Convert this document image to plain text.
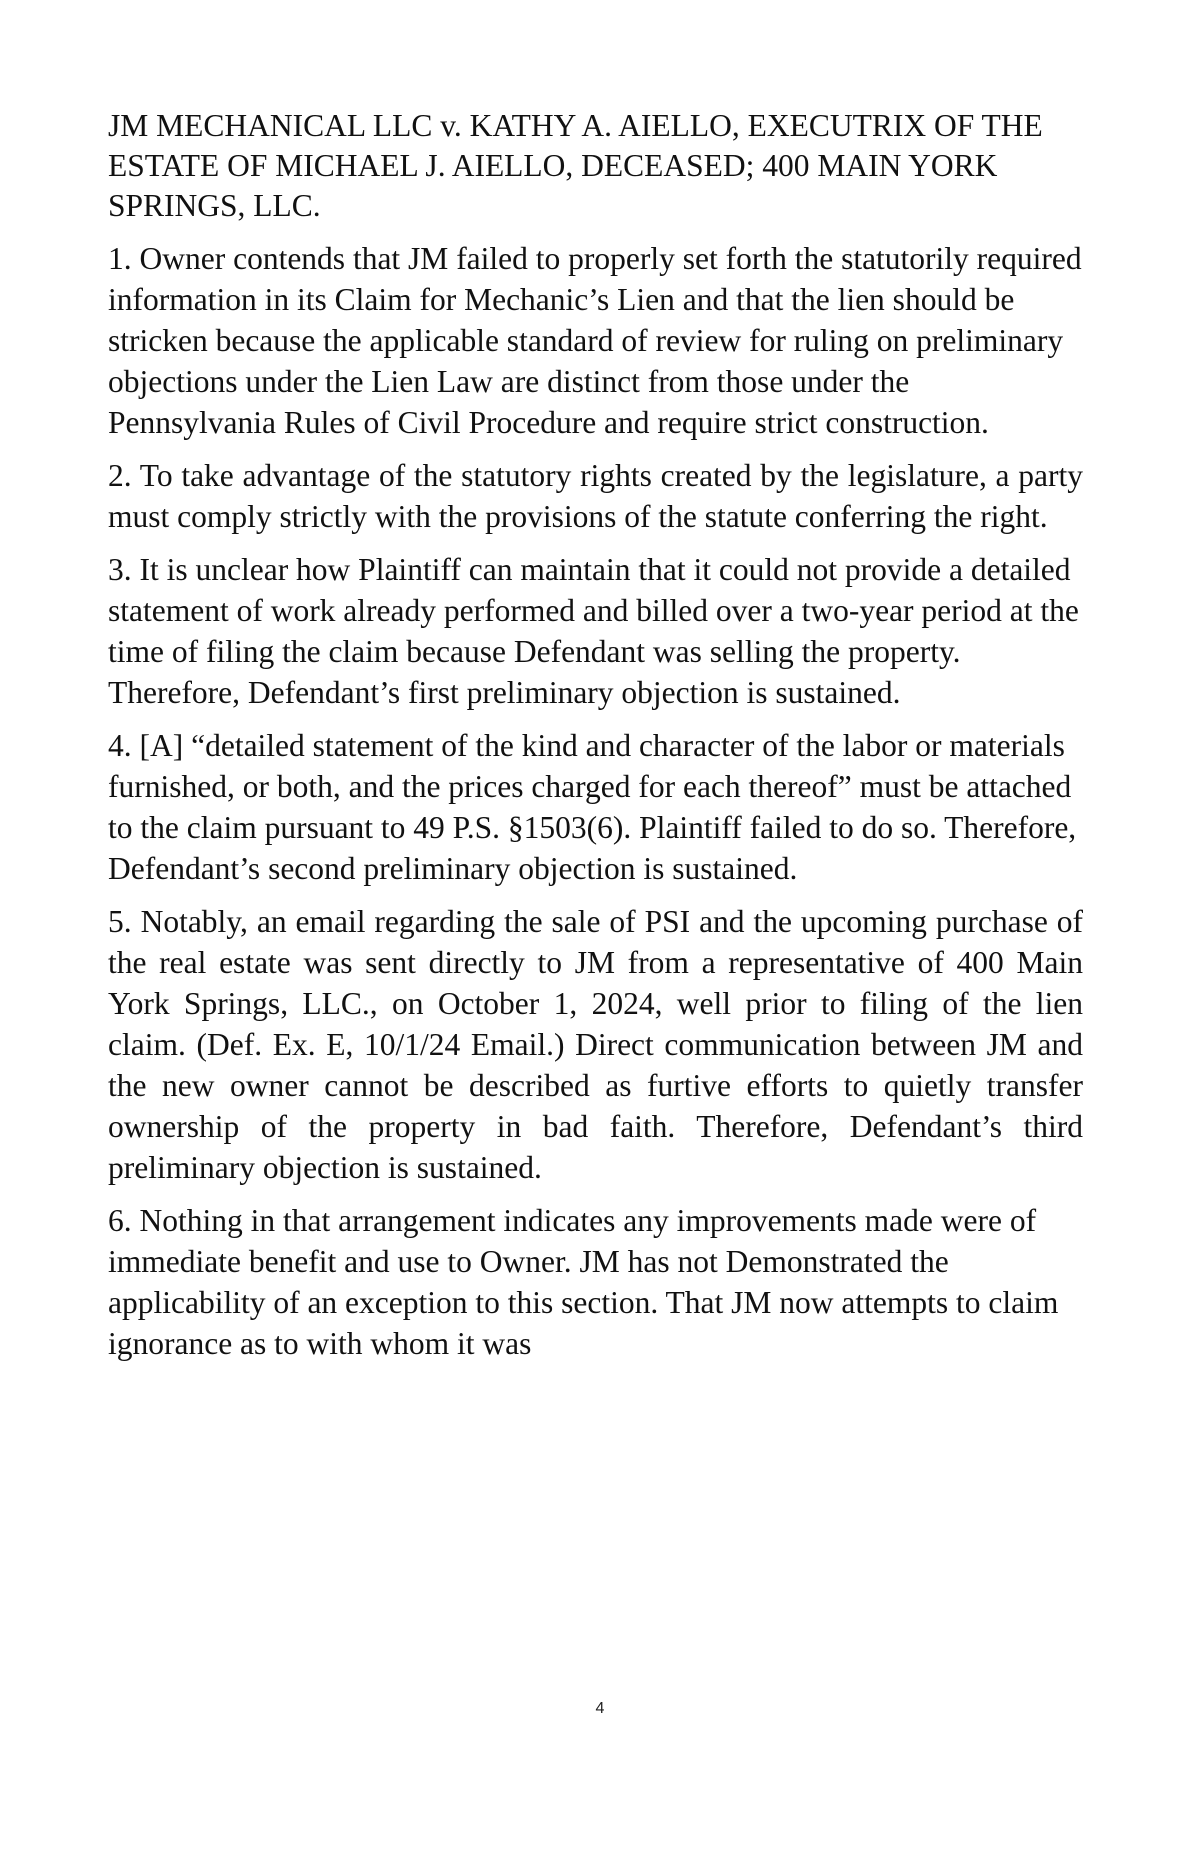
JM MECHANICAL LLC v. KATHY A. AIELLO, EXECUTRIX OF THE ESTATE OF MICHAEL J. AIELLO, DECEASED; 400 MAIN YORK SPRINGS, LLC.

1. Owner contends that JM failed to properly set forth the statutorily required information in its Claim for Mechanic’s Lien and that the lien should be stricken because the applicable standard of review for ruling on preliminary objections under the Lien Law are distinct from those under the Pennsylvania Rules of Civil Procedure and require strict construction.

2. To take advantage of the statutory rights created by the legislature, a party must comply strictly with the provisions of the statute conferring the right.

3. It is unclear how Plaintiff can maintain that it could not provide a detailed statement of work already performed and billed over a two-year period at the time of filing the claim because Defendant was selling the property. Therefore, Defendant’s first preliminary objection is sustained.

4. [A] “detailed statement of the kind and character of the labor or materials furnished, or both, and the prices charged for each thereof” must be attached to the claim pursuant to 49 P.S. §1503(6). Plaintiff failed to do so. Therefore, Defendant’s second preliminary objection is sustained.

5. Notably, an email regarding the sale of PSI and the upcoming purchase of the real estate was sent directly to JM from a representative of 400 Main York Springs, LLC., on October 1, 2024, well prior to filing of the lien claim. (Def. Ex. E, 10/1/24 Email.) Direct communication between JM and the new owner cannot be described as furtive efforts to quietly transfer ownership of the property in bad faith. Therefore, Defendant’s third preliminary objection is sustained.

6. Nothing in that arrangement indicates any improvements made were of immediate benefit and use to Owner. JM has not Demonstrated the applicability of an exception to this section. That JM now attempts to claim ignorance as to with whom it was

4
